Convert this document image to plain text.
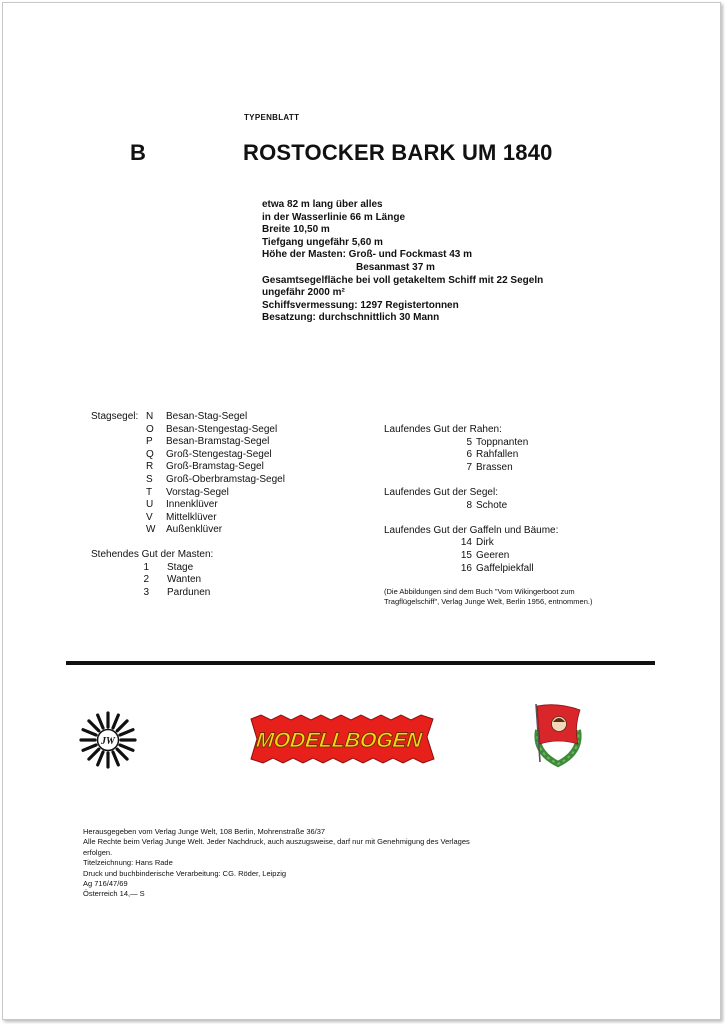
TYPENBLATT
B	ROSTOCKER BARK UM 1840
etwa 82 m lang über alles
in der Wasserlinie 66 m Länge
Breite 10,50 m
Tiefgang ungefähr 5,60 m
Höhe der Masten: Groß- und Fockmast 43 m
Besanmast 37 m
Gesamtsegelfläche bei voll getakeltem Schiff mit 22 Segeln
ungefähr 2000 m²
Schiffsvermessung: 1297 Registertonnen
Besatzung: durchschnittlich 30 Mann
Stagsegel: N	Besan-Stag-Segel
O	Besan-Stengestag-Segel
P	Besan-Bramstag-Segel
Q	Groß-Stengestag-Segel
R	Groß-Bramstag-Segel
S	Groß-Oberbramstag-Segel
T	Vorstag-Segel
U	Innenklüver
V	Mittelklüver
W	Außenklüver
Stehendes Gut der Masten:
1	Stage
2	Wanten
3	Pardunen
Laufendes Gut der Rahen:
5 Toppnanten
6 Rahfallen
7 Brassen
Laufendes Gut der Segel:
8 Schote
Laufendes Gut der Gaffeln und Bäume:
14 Dirk
15 Geeren
16 Gaffelpiekfall
(Die Abbildungen sind dem Buch "Vom Wikingerboot zum
Tragflügelschiff", Verlag Junge Welt, Berlin 1956, entnommen.)
JW	MODELLBOGEN
Herausgegeben vom Verlag Junge Welt, 108 Berlin, Mohrenstraße 36/37
Alle Rechte beim Verlag Junge Welt. Jeder Nachdruck, auch auszugsweise, darf nur mit Genehmigung des Verlages
erfolgen.
Titelzeichnung: Hans Rade
Druck und buchbinderische Verarbeitung: CG. Röder, Leipzig
Ag 716/47/69
Österreich 14,— S
